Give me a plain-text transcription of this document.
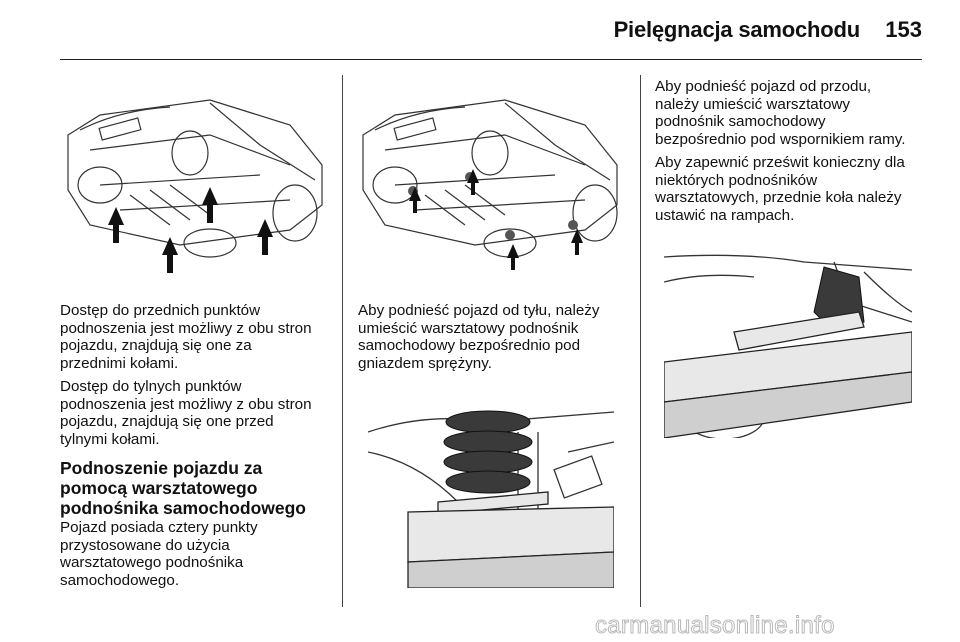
Pielęgnacja samochodu	153

Dostęp do przednich punktów
podnoszenia jest możliwy z obu stron
pojazdu, znajdują się one za
przednimi kołami.

Dostęp do tylnych punktów
podnoszenia jest możliwy z obu stron
pojazdu, znajdują się one przed
tylnymi kołami.

Podnoszenie pojazdu za
pomocą warsztatowego
podnośnika samochodowego

Pojazd posiada cztery punkty
przystosowane do użycia
warsztatowego podnośnika
samochodowego.

Aby podnieść pojazd od tyłu, należy
umieścić warsztatowy podnośnik
samochodowy bezpośrednio pod
gniazdem sprężyny.

Aby podnieść pojazd od przodu,
należy umieścić warsztatowy
podnośnik samochodowy
bezpośrednio pod wspornikiem ramy.

Aby zapewnić prześwit konieczny dla
niektórych podnośników
warsztatowych, przednie koła należy
ustawić na rampach.

carmanualsonline.info
